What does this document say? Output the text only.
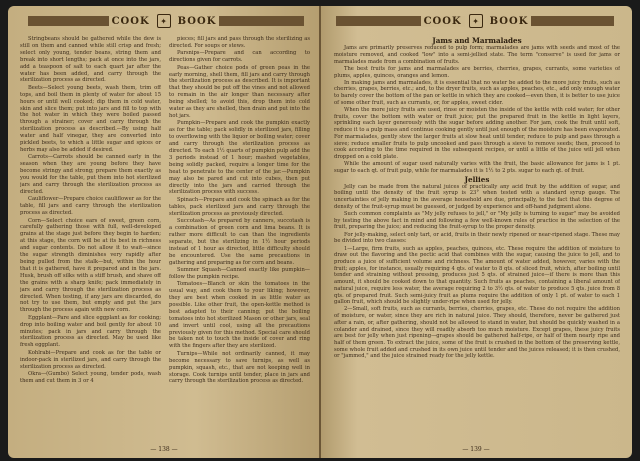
COOK	✦	BOOK

Stringbeans should be gathered while the dew is still on them and canned while still crisp and fresh; select only young, tender beans, string them and break into short lengths; pack at once into the jars, add a teaspoon of salt to each quart jar after the water has been added, and carry through the sterilization process as directed.

Beets—Select young beets, wash them, trim off tops, and boil them in plenty of water for about 15 hours or until well cooked; dip them in cold water, skin and slice them; put into jars and fill to top with the hot water in which they were boiled passed through a strainer; cover and carry through the sterilization process as described.—By using half water and half vinegar, they are converted into pickled beets, to which a little sugar and spices or herbs may also be added if desired.

Carrots—Carrots should be canned early in the season when they are young before they have become stringy and strong; prepare them exactly as you would for the table, put them into hot sterilized jars and carry through the sterilization process as directed.

Cauliflower—Prepare choice cauliflower as for the table, fill jars and carry through the sterilization process as directed.

Corn—Select choice ears of sweet, green corn, carefully gathering those with full, well-developed grains at the stage just before they begin to harden; at this stage, the corn will be at its best in richness and sugar contents. Do not allow it to wait—since the sugar strength diminishes very rapidly after being pulled from the stalk—but, within the hour that it is gathered, have it prepared and in the jars. Husk, brush off silks with a stiff brush, and shave off the grains with a sharp knife; pack immediately in jars and carry through the sterilization process as directed. When testing, if any jars are discarded, do not try to use them, but empty and put the jars through the process again with new corn.

Eggplant—Pare and slice eggplant as for cooking; drop into boiling water and boil gently for about 10 minutes; pack in jars and carry through the sterilization process as directed. May be used like fresh eggplant.

Kohlrabi—Prepare and cook as for the table or indoor-pack in sterilized jars, and carry through the sterilization process as directed.

Okra—(Gumbo) Select young, tender pods, wash them and cut them in 3 or 4

pieces; fill jars and pass through the sterilizing as directed. For soups or stews.

Parsnips—Prepare and can according to directions given for carrots.

Peas—Gather choice pods of green peas in the early morning, shell them, fill jars and carry through the sterilization process as described. It is important that they should be put off the vines and not allowed to remain in the air longer than necessary after being shelled; to avoid this, drop them into cold water as they are shelled, then drain and put into the hot jars.

Pumpkin—Prepare and cook the pumpkin exactly as for the table; pack solidly in sterilized jars, filling to overflowing with the liquor or boiling water; cover and carry through the sterilization process as directed. To each 1½ quarts of pumpkin pulp add the 3 periods instead of 1 hour; mashed vegetables, being solidly packed, require a longer time for the heat to penetrate to the center of the jar.—Pumpkin may also be pared and cut into cubes, then put directly into the jars and carried through the sterilization process with success.

Spinach—Prepare and cook the spinach as for the tables, pack sterilized jars and carry through the sterilization process as previously directed.

Succotash—As prepared by canners, succotash is a combination of green corn and lima beans. It is rather more difficult to can than the ingredients separate, but the sterilizing in 1½ hour periods instead of 1 hour as directed, little difficulty should be encountered. Use the same precautions in gathering and preparing as for corn and beans.

Summer Squash—Canned exactly like pumpkin—follow the pumpkin recipe.

Tomatoes—Blanch or skin the tomatoes in the usual way, and cook them to your liking; however, they are best when cooked in as little water as possible. Like other fruit, the open-kettle method is best adapted to their canning; put the boiling tomatoes into hot sterilized Mason or other jars, seal and invert until cool, using all the precautions previously given for this method. Special care should be taken not to touch the inside of cover and ring with the fingers after they are sterilized.

Turnips—While not ordinarily canned, it may become necessary to save turnips, as well as pumpkin, squash, etc., that are not keeping well in storage. Cook turnips until tender, place in jars and carry through the sterilization process as directed.

— 138 —
COOK	✦	BOOK

Jams and Marmalades

Jams are primarily preserves reduced to pulp form; marmalades are jams with seeds and most of the moisture removed, and cooked "low" into a semi-jellied state. The term "conserve" is used for jams or marmalades made from a combination of fruits.

The best fruits for jams and marmalades are berries, cherries, grapes, currants, some varieties of plums, apples, quinces, oranges and lemon.

In making jams and marmalades, it is essential that no water be added to the more juicy fruits, such as cherries, grapes, berries, etc.; and, to the dryer fruits, such as apples, peaches, etc., add only enough water to barely cover the bottom of the pan or kettle in which they are cooked—even then, it is better to use juice of some other fruit, such as currants, or, for apples, sweet cider.

When the more juicy fruits are used, rinse or moisten the inside of the kettle with cold water; for other fruits, cover the bottom with water or fruit juice; put the prepared fruit in the kettle in light layers, sprinkling each layer generously with the sugar before adding another. For jam, cook the fruit until soft, reduce it to a pulp mass and continue cooking gently until just enough of the moisture has been evaporated. For marmalades, gently stew the larger fruits at slow heat until tender, reduce to pulp and pass through a sieve; reduce smaller fruits to pulp uncooked and pass through a sieve to remove seeds; then, proceed to cook according to the time required in the subsequent recipes, or until a little of the juice will jell when dropped on a cold plate.

While the amount of sugar used naturally varies with the fruit, the basic allowance for jams is 1 pt. sugar to each qt. of fruit pulp, while for marmalades it is 1½ to 2 pts. sugar to each qt. of fruit.

Jellies

Jelly can be made from the natural juices of practically any acid fruit by the addition of sugar, and boiling until the density of the fruit syrup is 23° when tested with a standard syrup gauge. The uncertainties of jelly making in the average household are due, principally, to the fact that this degree of density of the fruit-syrup must be guessed, or judged by experience and off-hand judgment alone.

Such common complaints as "My jelly refuses to jell," or "My jelly is turning to sugar" may be avoided by testing the above fact in mind and following a few well-known rules of practice in the selection of the fruit, preparing the juice; and reducing the fruit-syrup to the proper density.

For jelly-making, select only tart, or acid, fruits in their newly ripened or near-ripened stage. These may be divided into two classes:

1—Large, firm fruits, such as apples, peaches, quinces, etc. These require the addition of moisture to draw out the flavoring and the pectic acid that combines with the sugar, causing the juice to jell, and to produce a juice of sufficient volume and richness. The amount of water added, however, varies with the fruit; apples, for instance, usually requiring 4 qts. of water to 8 qts. of sliced fruit, which, after boiling until tender and straining without pressing, produces just 5 qts. of strained juice—if there is more than this amount, it should be cooked down to that quantity. Such fruits as peaches, containing a liberal amount of natural juice, require less water, the average requiring 2 to 3½ qts. of water to produce 5 qts. juice from 8 qts. of prepared fruit. Such semi-juicy fruit as plums require the addition of only 1 pt. of water to each 1 gallon fruit, which should be slightly under-ripe when used for jelly.

2—Small, soft fruits, such as currants, berries, cherries, grapes, etc. These do not require the addition of moisture, or water, since they are rich in natural juice. They should, therefore, never be gathered just after a rain, or, after gathering, should not be allowed to stand in water, but should be quickly washed in a colander and drained, since they will readily absorb too much moisture. Except grapes, these juicy fruits are best for jelly when just ripening—grapes should be gathered half-ripe, or half of them nearly ripe and half of them green. To extract the juice, some of the fruit is crushed in the bottom of the preserving kettle, some whole fruit added and crushed in its own juice until tender and the juices released; it is then crushed, or "jammed," and the juice strained ready for the jelly kettle.

— 139 —
